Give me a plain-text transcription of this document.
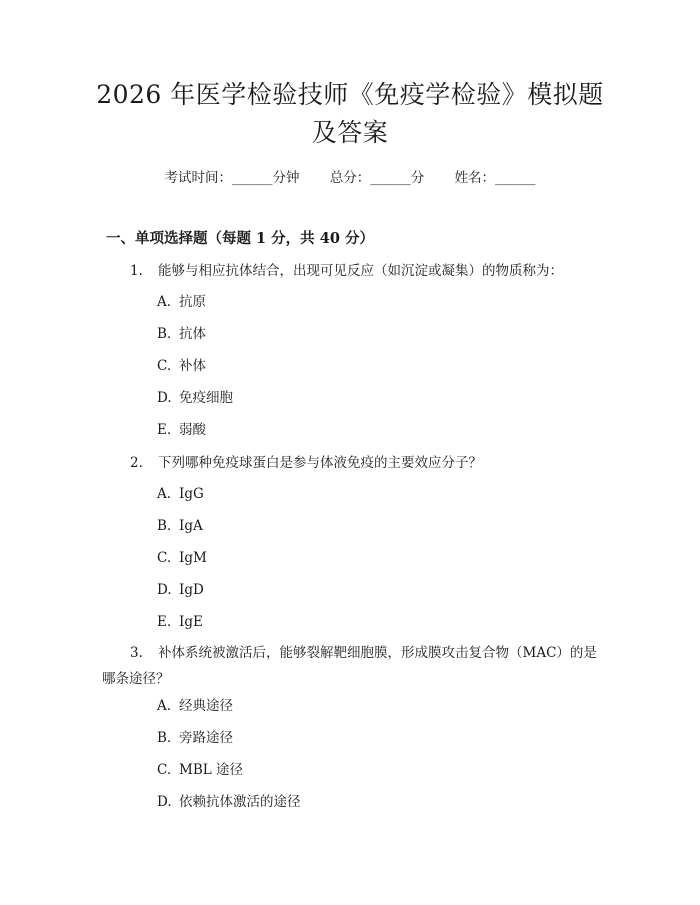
2026 年医学检验技师《免疫学检验》模拟题及答案
考试时间：______分钟 总分：______分 姓名：______
一、单项选择题（每题 1 分，共 40 分）
1. 能够与相应抗体结合，出现可见反应（如沉淀或凝集）的物质称为：
A. 抗原
B. 抗体
C. 补体
D. 免疫细胞
E. 弱酸
2. 下列哪种免疫球蛋白是参与体液免疫的主要效应分子？
A. IgG
B. IgA
C. IgM
D. IgD
E. IgE
3. 补体系统被激活后，能够裂解靶细胞膜，形成膜攻击复合物（MAC）的是哪条途径？
A. 经典途径
B. 旁路途径
C. MBL 途径
D. 依赖抗体激活的途径
